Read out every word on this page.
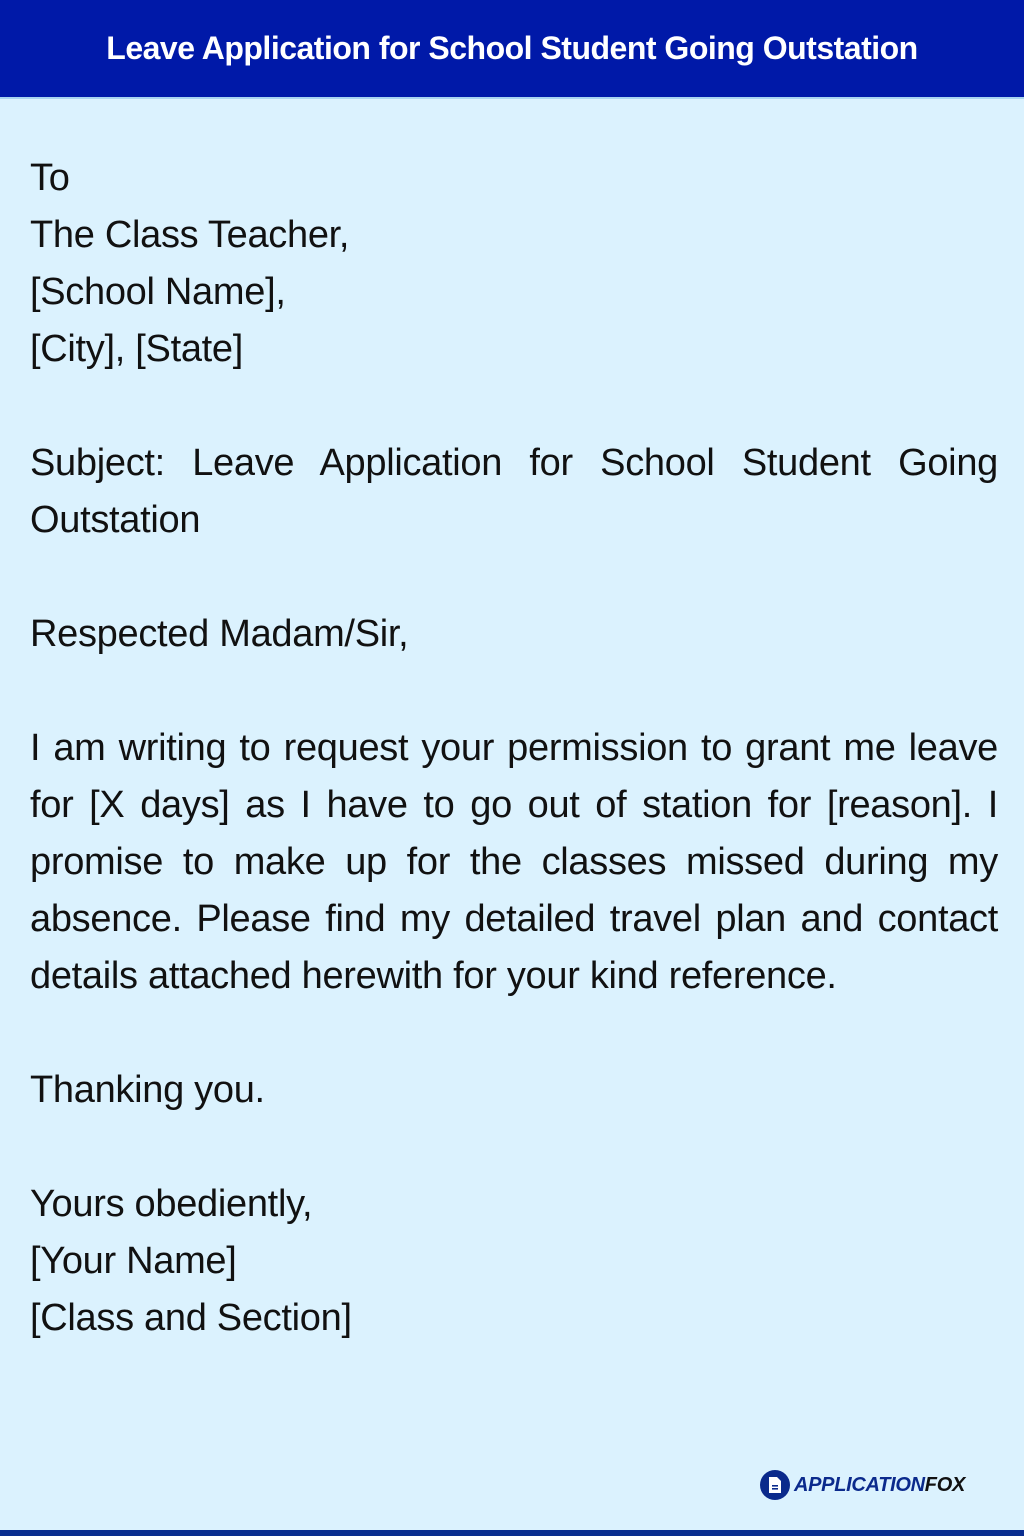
Leave Application for School Student Going Outstation
To
The Class Teacher,
[School Name],
[City], [State]
Subject: Leave Application for School Student Going Outstation
Respected Madam/Sir,
I am writing to request your permission to grant me leave for [X days] as I have to go out of station for [reason]. I promise to make up for the classes missed during my absence. Please find my detailed travel plan and contact details attached herewith for your kind reference.
Thanking you.
Yours obediently,
[Your Name]
[Class and Section]
APPLICATIONFOX
